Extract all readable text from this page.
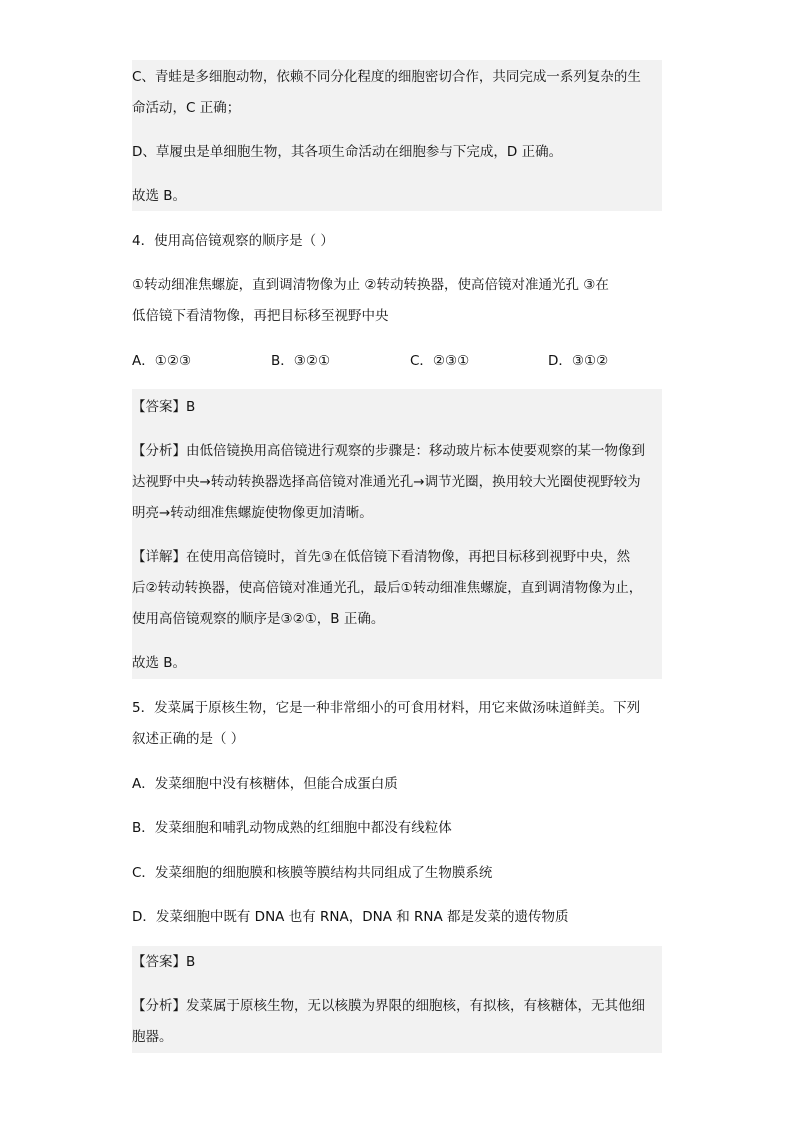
C、青蛙是多细胞动物，依赖不同分化程度的细胞密切合作，共同完成一系列复杂的生
命活动，C 正确；
D、草履虫是单细胞生物，其各项生命活动在细胞参与下完成，D 正确。
故选 B。
4．使用高倍镜观察的顺序是（ ）
①转动细准焦螺旋，直到调清物像为止 ②转动转换器，使高倍镜对准通光孔 ③在
低倍镜下看清物像，再把目标移至视野中央
A．①②③	B．③②①	C．②③①	D．③①②
【答案】B
【分析】由低倍镜换用高倍镜进行观察的步骤是：移动玻片标本使要观察的某一物像到
达视野中央→转动转换器选择高倍镜对准通光孔→调节光圈，换用较大光圈使视野较为
明亮→转动细准焦螺旋使物像更加清晰。
【详解】在使用高倍镜时，首先③在低倍镜下看清物像，再把目标移到视野中央，然
后②转动转换器，使高倍镜对准通光孔，最后①转动细准焦螺旋，直到调清物像为止，
使用高倍镜观察的顺序是③②①，B 正确。
故选 B。
5．发菜属于原核生物，它是一种非常细小的可食用材料，用它来做汤味道鲜美。下列
叙述正确的是（ ）
A．发菜细胞中没有核糖体，但能合成蛋白质
B．发菜细胞和哺乳动物成熟的红细胞中都没有线粒体
C．发菜细胞的细胞膜和核膜等膜结构共同组成了生物膜系统
D．发菜细胞中既有 DNA 也有 RNA，DNA 和 RNA 都是发菜的遗传物质
【答案】B
【分析】发菜属于原核生物，无以核膜为界限的细胞核，有拟核，有核糖体，无其他细
胞器。
